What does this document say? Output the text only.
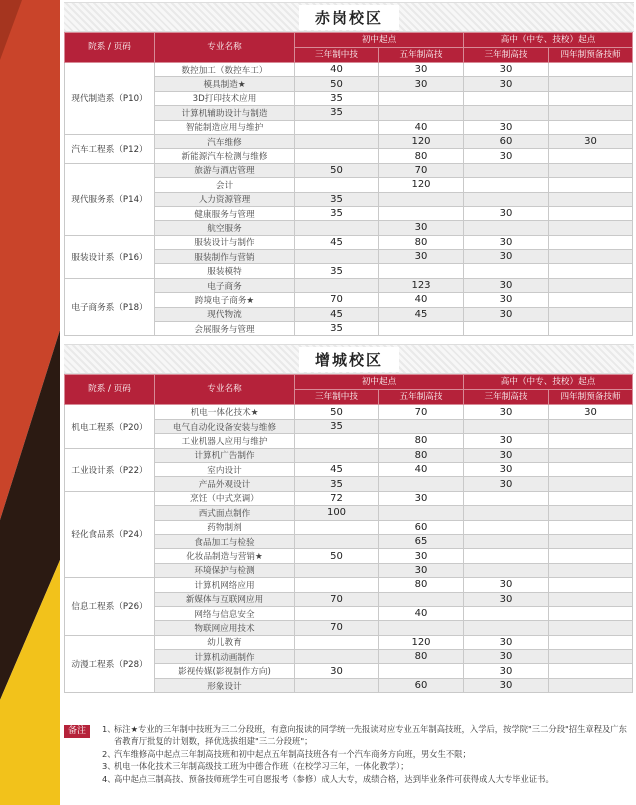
赤岗校区
院系 / 页码	专业名称	初中起点		高中（中专、技校）起点	
		三年制中技	五年制高技	三年制高技	四年制预备技师
现代制造系（P10）	数控加工（数控车工）	40	30	30	
	模具制造★	50	30	30	
	3D打印技术应用	35			
	计算机辅助设计与制造	35			
	智能制造应用与维护		40	30	
汽车工程系（P12）	汽车维修		120	60	30
	新能源汽车检测与维修		80	30	
现代服务系（P14）	旅游与酒店管理	50	70		
	会计		120		
	人力资源管理	35			
	健康服务与管理	35		30	
	航空服务		30		
服装设计系（P16）	服装设计与制作	45	80	30	
	服装制作与营销		30	30	
	服装模特	35			
电子商务系（P18）	电子商务		123	30	
	跨境电子商务★	70	40	30	
	现代物流	45	45	30	
	会展服务与管理	35			
增城校区
院系 / 页码	专业名称	初中起点		高中（中专、技校）起点	
		三年制中技	五年制高技	三年制高技	四年制预备技师
机电工程系（P20）	机电一体化技术★	50	70	30	30
	电气自动化设备安装与维修	35			
	工业机器人应用与维护		80	30	
工业设计系（P22）	计算机广告制作		80	30	
	室内设计	45	40	30	
	产品外观设计	35		30	
轻化食品系（P24）	烹饪（中式烹调）	72	30		
	西式面点制作	100			
	药物制剂		60		
	食品加工与检验		65		
	化妆品制造与营销★	50	30		
	环境保护与检测		30		
信息工程系（P26）	计算机网络应用		80	30	
	新媒体与互联网应用	70		30	
	网络与信息安全		40		
	物联网应用技术	70			
动漫工程系（P28）	幼儿教育		120	30	
	计算机动画制作		80	30	
	影视传媒(影视制作方向)	30		30	
	形象设计		60	30	
备注	1、
标注★专业的三年制中技班为三二分段班，有意向报读的同学统一先报读对应专业五年制高技班，入学后，按学院"三二分段"招生章程及广东省教育厅批复的计划数，择优选拔组建"三二分段班"；
2、
汽车维修高中起点三年制高技班和初中起点五年制高技班各有一个汽车商务方向班，男女生不限；
3、
机电一体化技术三年制高级技工班为中德合作班（在校学习三年，一体化教学）；
4、
高中起点三制高技、预备技师班学生可自愿报考（参修）成人大专，成绩合格，达到毕业条件可获得成人大专毕业证书。
